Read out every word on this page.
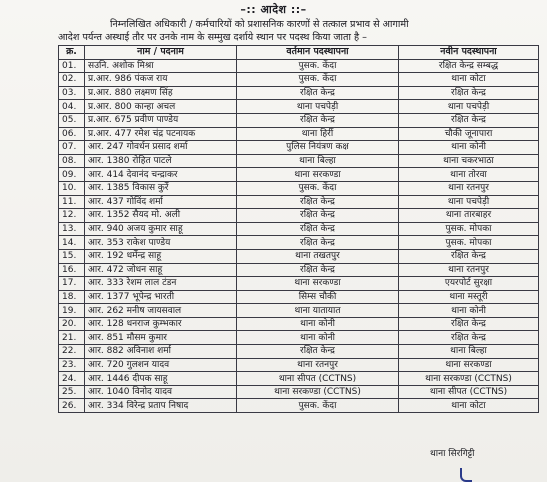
–:: आदेश ::–
निम्नलिखित अधिकारी / कर्मचारियों को प्रशासनिक कारणों से तत्काल प्रभाव से आगामी
आदेश पर्यन्त अस्थाई तौर पर उनके नाम के सम्मुख दर्शाये स्थान पर पदस्थ किया जाता है –
क्र.	नाम / पदनाम	वर्तमान पदस्थापना	नवीन पदस्थापना
01.	सउनि. अशोक मिश्रा	पुसक. केंदा	रक्षित केन्द्र सम्बद्ध
02.	प्र.आर. 986 पंकज राय	पुसक. केंदा	थाना कोटा
03.	प्र.आर. 880 लक्ष्मण सिंह	रक्षित केन्द्र	रक्षित केन्द्र
04.	प्र.आर. 800 कान्हा अचल	थाना पचपेड़ी	थाना पचपेड़ी
05.	प्र.आर. 675 प्रवीण पाण्डेय	रक्षित केन्द्र	रक्षित केन्द्र
06.	प्र.आर. 477 रमेश चंद्र पटनायक	थाना हिर्री	चौकी जूनापारा
07.	आर. 247 गोवर्धन प्रसाद शर्मा	पुलिस नियंत्रण कक्ष	थाना कोनी
08.	आर. 1380 रोहित पाटले	थाना बिल्हा	थाना चकरभाठा
09.	आर. 414 देवानंद चन्द्राकर	थाना सरकण्डा	थाना तोरवा
10.	आर. 1385 विकास कुर्रे	पुसक. केंदा	थाना रतनपुर
11.	आर. 437 गोविंद शर्मा	रक्षित केन्द्र	थाना पचपेड़ी
12.	आर. 1352 सैयद मो. अली	रक्षित केन्द्र	थाना तारबाहर
13.	आर. 940 अजय कुमार साहू	रक्षित केन्द्र	पुसक. मोपका
14.	आर. 353 राकेश पाण्डेय	रक्षित केन्द्र	पुसक. मोपका
15.	आर. 192 धर्मेन्द्र साहू	थाना तखतपुर	रक्षित केन्द्र
16.	आर. 472 जोधन साहू	रक्षित केन्द्र	थाना रतनपुर
17.	आर. 333 रेशम लाल टंडन	थाना सरकण्डा	एयरपोर्ट सुरक्षा
18.	आर. 1377 भूपेन्द्र भारती	सिम्स चौकी	थाना मस्तूरी
19.	आर. 262 मनीष जायसवाल	थाना यातायात	थाना कोनी
20.	आर. 128 धनराज कुम्भकार	थाना कोनी	रक्षित केन्द्र
21.	आर. 851 मौसम कुमार	थाना कोनी	रक्षित केन्द्र
22.	आर. 882 अविनाश शर्मा	रक्षित केन्द्र	थाना बिल्हा
23.	आर. 720 गुलशन यादव	थाना रतनपुर	थाना सरकण्डा
24.	आर. 1446 दीपक साहू	थाना सीपत (CCTNS)	थाना सरकण्डा (CCTNS)
25.	आर. 1040 विनोद यादव	थाना सरकण्डा (CCTNS)	थाना सीपत (CCTNS)
26.	आर. 334 विरेन्द्र प्रताप निषाद	पुसक. केंदा	थाना कोटा
थाना सिरगिट्टी
